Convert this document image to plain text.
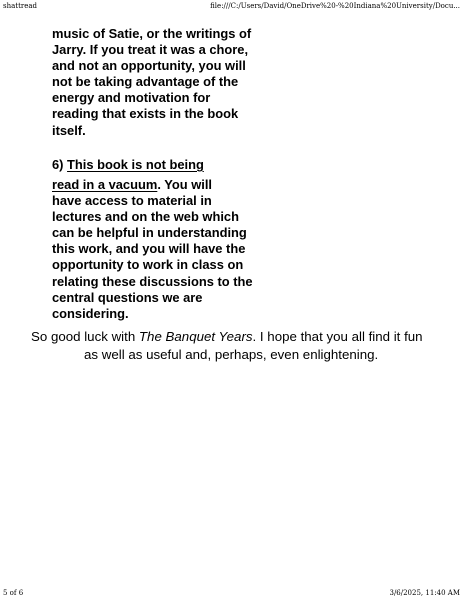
shattread	file:///C:/Users/David/OneDrive%20-%20Indiana%20University/Docu...
music of Satie, or the writings of
Jarry. If you treat it was a chore,
and not an opportunity, you will
not be taking advantage of the
energy and motivation for
reading that exists in the book
itself.
6) This book is not being
read in a vacuum. You will
have access to material in
lectures and on the web which
can be helpful in understanding
this work, and you will have the
opportunity to work in class on
relating these discussions to the
central questions we are
considering.
So good luck with The Banquet Years. I hope that you all find it fun
as well as useful and, perhaps, even enlightening.
5 of 6	3/6/2025, 11:40 AM
